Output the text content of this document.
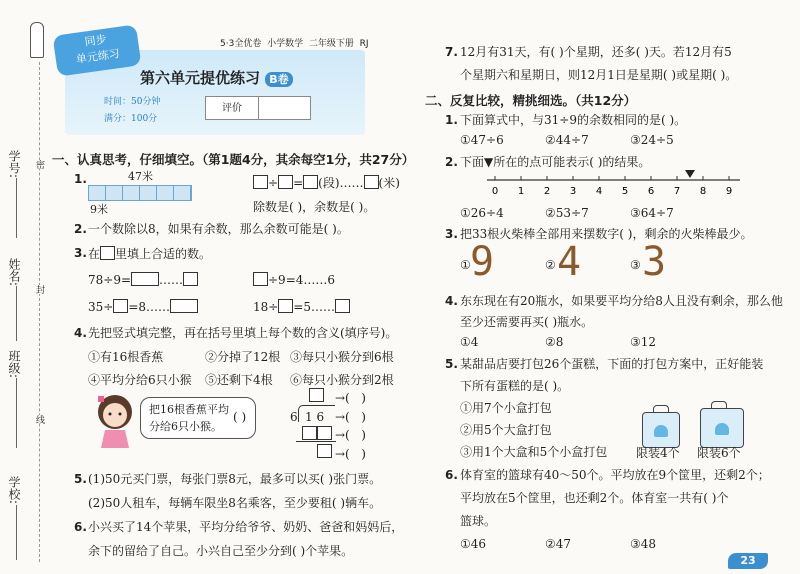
学号:
姓名:
班级:
学校:
密
封
线
同步
单元练习
5·3全优卷 小学数学 二年级下册 RJ
第六单元提优练习 B卷
时间：50分钟
满分：100分
评价
一、认真思考，仔细填空。（第1题4分，其余每空1分，共27分）
1.	47米
9米
÷ = (段)…… (米)
除数是( )，余数是( )。
2. 一个数除以8，如果有余数，那么余数可能是( )。
3. 在 里填上合适的数。
78÷9= ……	÷9=4……6
35÷ =8……	18÷ =5……
4. 先把竖式填完整，再在括号里填上每个数的含义(填序号)。
①有16根香蕉	②分掉了12根 ③每只小猴分到6根
④平均分给6只小猴 ⑤还剩下4根 ⑥每只小猴分到2根
把16根香蕉平均
分给6只小猴。
( )	6 1 6
→(   )
→(   )
→(   )
→(   )
5. (1)50元买门票，每张门票8元，最多可以买( )张门票。
(2)50人租车，每辆车限坐8名乘客，至少要租( )辆车。
6. 小兴买了14个苹果，平均分给爷爷、奶奶、爸爸和妈妈后，
余下的留给了自己。小兴自己至少分到( )个苹果。
7. 12月有31天，有( )个星期，还多( )天。若12月有5
个星期六和星期日，则12月1日是星期( )或星期( )。
二、反复比较，精挑细选。（共12分）
1. 下面算式中，与31÷9的余数相同的是( )。
①47÷6	②44÷7	③24÷5
2. 下面▼所在的点可能表示( )的结果。
0 1 2 3 4 5 6 7 8 9
①26÷4	②53÷7	③64÷7
3. 把33根火柴棒全部用来摆数字( )，剩余的火柴棒最少。
①	②	③
9 4 3
4. 东东现在有20瓶水，如果要平均分给8人且没有剩余，那么他
至少还需要再买( )瓶水。
①4	②8	③12
5. 某甜品店要打包26个蛋糕，下面的打包方案中，正好能装
下所有蛋糕的是( )。
①用7个小盒打包
②用5个大盒打包
③用1个大盒和5个小盒打包 限装4个 限装6个
6. 体育室的篮球有40～50个。平均放在9个筐里，还剩2个；
平均放在5个筐里，也还剩2个。体育室一共有( )个
篮球。
①46	②47	③48
23
